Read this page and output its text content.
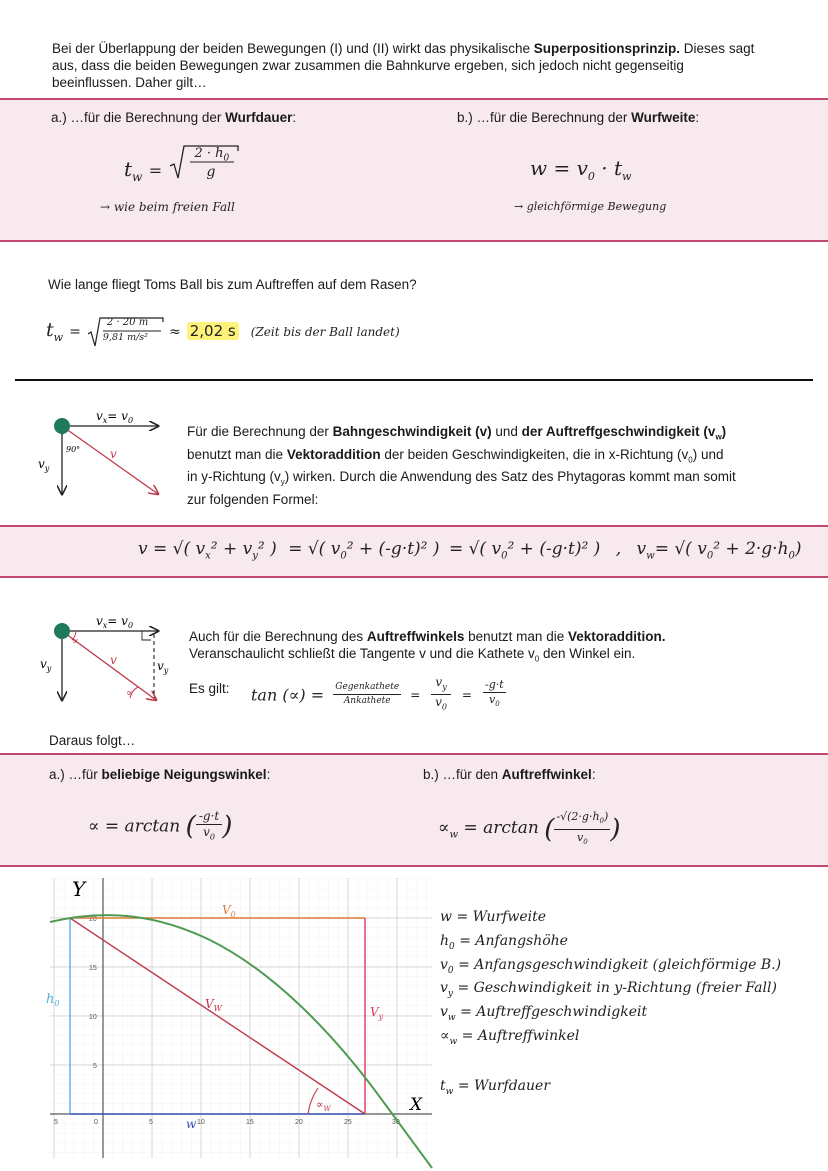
Bei der Überlappung der beiden Bewegungen (I) und (II) wirkt das physikalische Superpositionsprinzip. Dieses sagt
aus, dass die beiden Bewegungen zwar zusammen die Bahnkurve ergeben, sich jedoch nicht gegenseitig
beeinflussen. Daher gilt…
a.) …für die Berechnung der Wurfdauer:	b.) …für die Berechnung der Wurfweite:
$t_w$ =
$2 \cdot h_0$
g	$w = v_0 \cdot t_w$
→ wie beim freien Fall	→ gleichförmige Bewegung
Wie lange fliegt Toms Ball bis zum Auftreffen auf dem Rasen?
$t_w$ =
2 · 20 m
9,81 m/s² ≈ 2,02 s (Zeit bis der Ball landet)
90°
$v_x= v_0$
v
$v_y$
Für die Berechnung der Bahngeschwindigkeit (v) und der Auftreffgeschwindigkeit $(v_w)$
benutzt man die Vektoraddition der beiden Geschwindigkeiten, die in x-Richtung $(v_0)$ und
in y-Richtung $(v_y)$ wirken. Durch die Anwendung des Satz des Phytagoras kommt man somit
zur folgenden Formel:
v = √( $v_x^2 + v_y^2$ ) = √( $v_0^2 + (-g\cdot t)^2$ ) = √( $v_0^2 + (-g\cdot t)^2$ ) , $v_w=$ √( $v_0^2 + 2\cdot g\cdot h_0$)
$v_x= v_0$
v
∝
∝
$v_y$	$v_y$
Auch für die Berechnung des Auftreffwinkels benutzt man die Vektoraddition.
Veranschaulicht schließt die Tangente v und die Kathete $v_0$ den Winkel ein.
Es gilt: tan (∝) = Gegenkathete
Ankathete	= $\frac{v_y}{v_0} = \frac{-g\cdot t}{v_0}$
Daraus folgt…
a.) …für beliebige Neigungswinkel:	b.) …für den Auftreffwinkel:
∝ = arctan ( $\frac{-g\cdot t}{v_0}$ )	$\propto_w = \arctan$ ( $\frac{-√(2\cdot g\cdot h_0)}{v_0}$ )
5	0	5	10	15	20	25	30
5
10
15
20
Y
X
$h_0$
$V_0$
$V_W$	$V_y$
w
$\propto_W$
w = Wurfweite
$h_0$ = Anfangshöhe
$v_0$ = Anfangsgeschwindigkeit (gleichförmige B.)
$v_y$ = Geschwindigkeit in y-Richtung (freier Fall)
$v_w$ = Auftreffgeschwindigkeit
$\propto_w$ = Auftreffwinkel
$t_w$ = Wurfdauer
